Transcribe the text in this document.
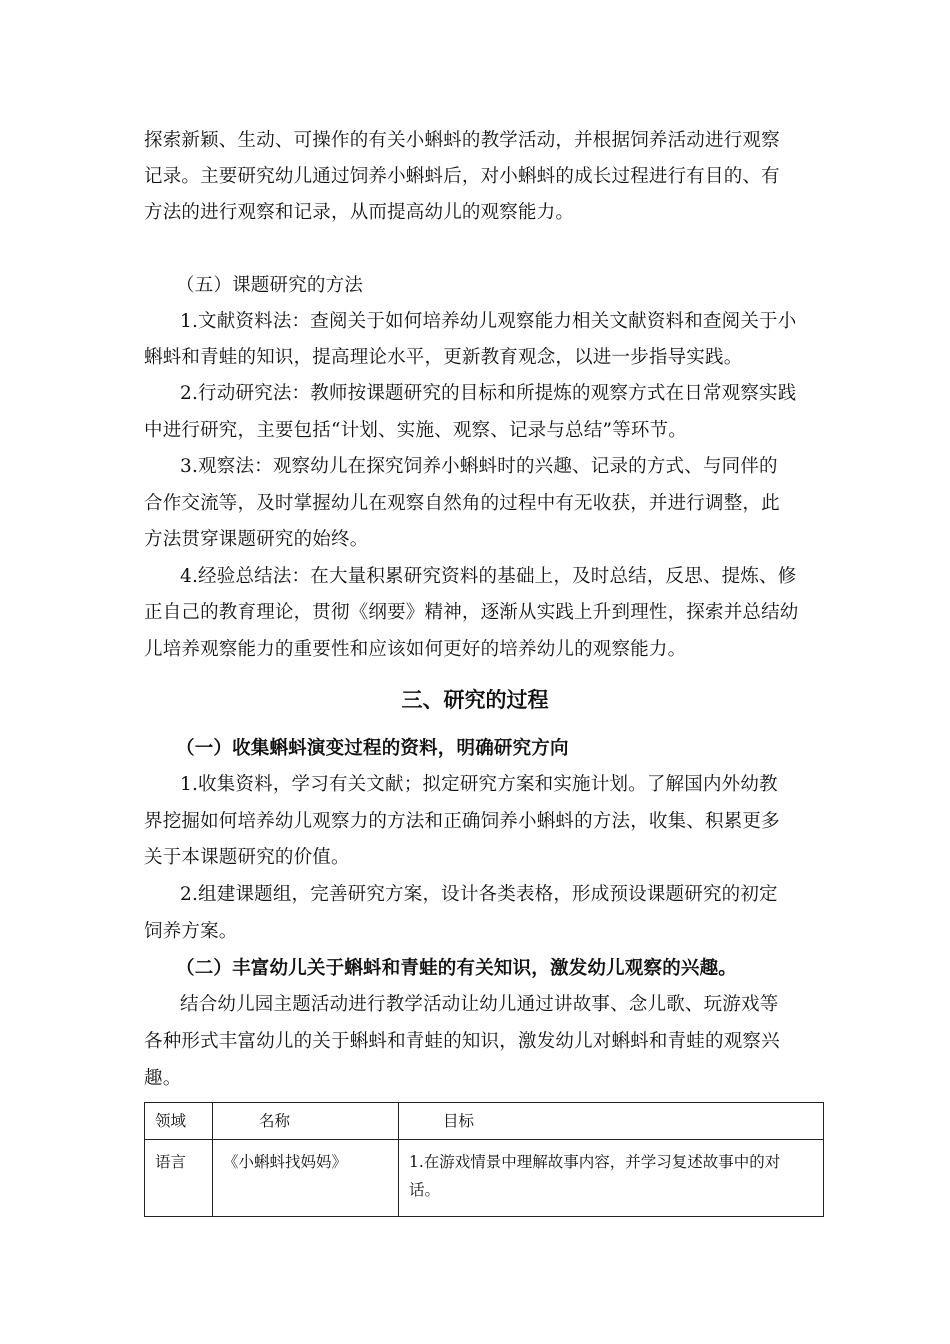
探索新颖、生动、可操作的有关小蝌蚪的教学活动，并根据饲养活动进行观察
记录。主要研究幼儿通过饲养小蝌蚪后，对小蝌蚪的成长过程进行有目的、有
方法的进行观察和记录，从而提高幼儿的观察能力。
（五）课题研究的方法
1.文献资料法：查阅关于如何培养幼儿观察能力相关文献资料和查阅关于小
蝌蚪和青蛙的知识，提高理论水平，更新教育观念，以进一步指导实践。
2.行动研究法：教师按课题研究的目标和所提炼的观察方式在日常观察实践
中进行研究，主要包括“计划、实施、观察、记录与总结”等环节。
3.观察法：观察幼儿在探究饲养小蝌蚪时的兴趣、记录的方式、与同伴的
合作交流等，及时掌握幼儿在观察自然角的过程中有无收获，并进行调整，此
方法贯穿课题研究的始终。
4.经验总结法：在大量积累研究资料的基础上，及时总结，反思、提炼、修
正自己的教育理论，贯彻《纲要》精神，逐渐从实践上升到理性，探索并总结幼
儿培养观察能力的重要性和应该如何更好的培养幼儿的观察能力。
三、研究的过程
（一）收集蝌蚪演变过程的资料，明确研究方向
1.收集资料，学习有关文献；拟定研究方案和实施计划。了解国内外幼教
界挖掘如何培养幼儿观察力的方法和正确饲养小蝌蚪的方法，收集、积累更多
关于本课题研究的价值。
2.组建课题组，完善研究方案，设计各类表格，形成预设课题研究的初定
饲养方案。
（二）丰富幼儿关于蝌蚪和青蛙的有关知识，激发幼儿观察的兴趣。
结合幼儿园主题活动进行教学活动让幼儿通过讲故事、念儿歌、玩游戏等
各种形式丰富幼儿的关于蝌蚪和青蛙的知识，激发幼儿对蝌蚪和青蛙的观察兴
趣。
领域	名称	目标
语言	《小蝌蚪找妈妈》	1.在游戏情景中理解故事内容，并学习复述故事中的对
话。
